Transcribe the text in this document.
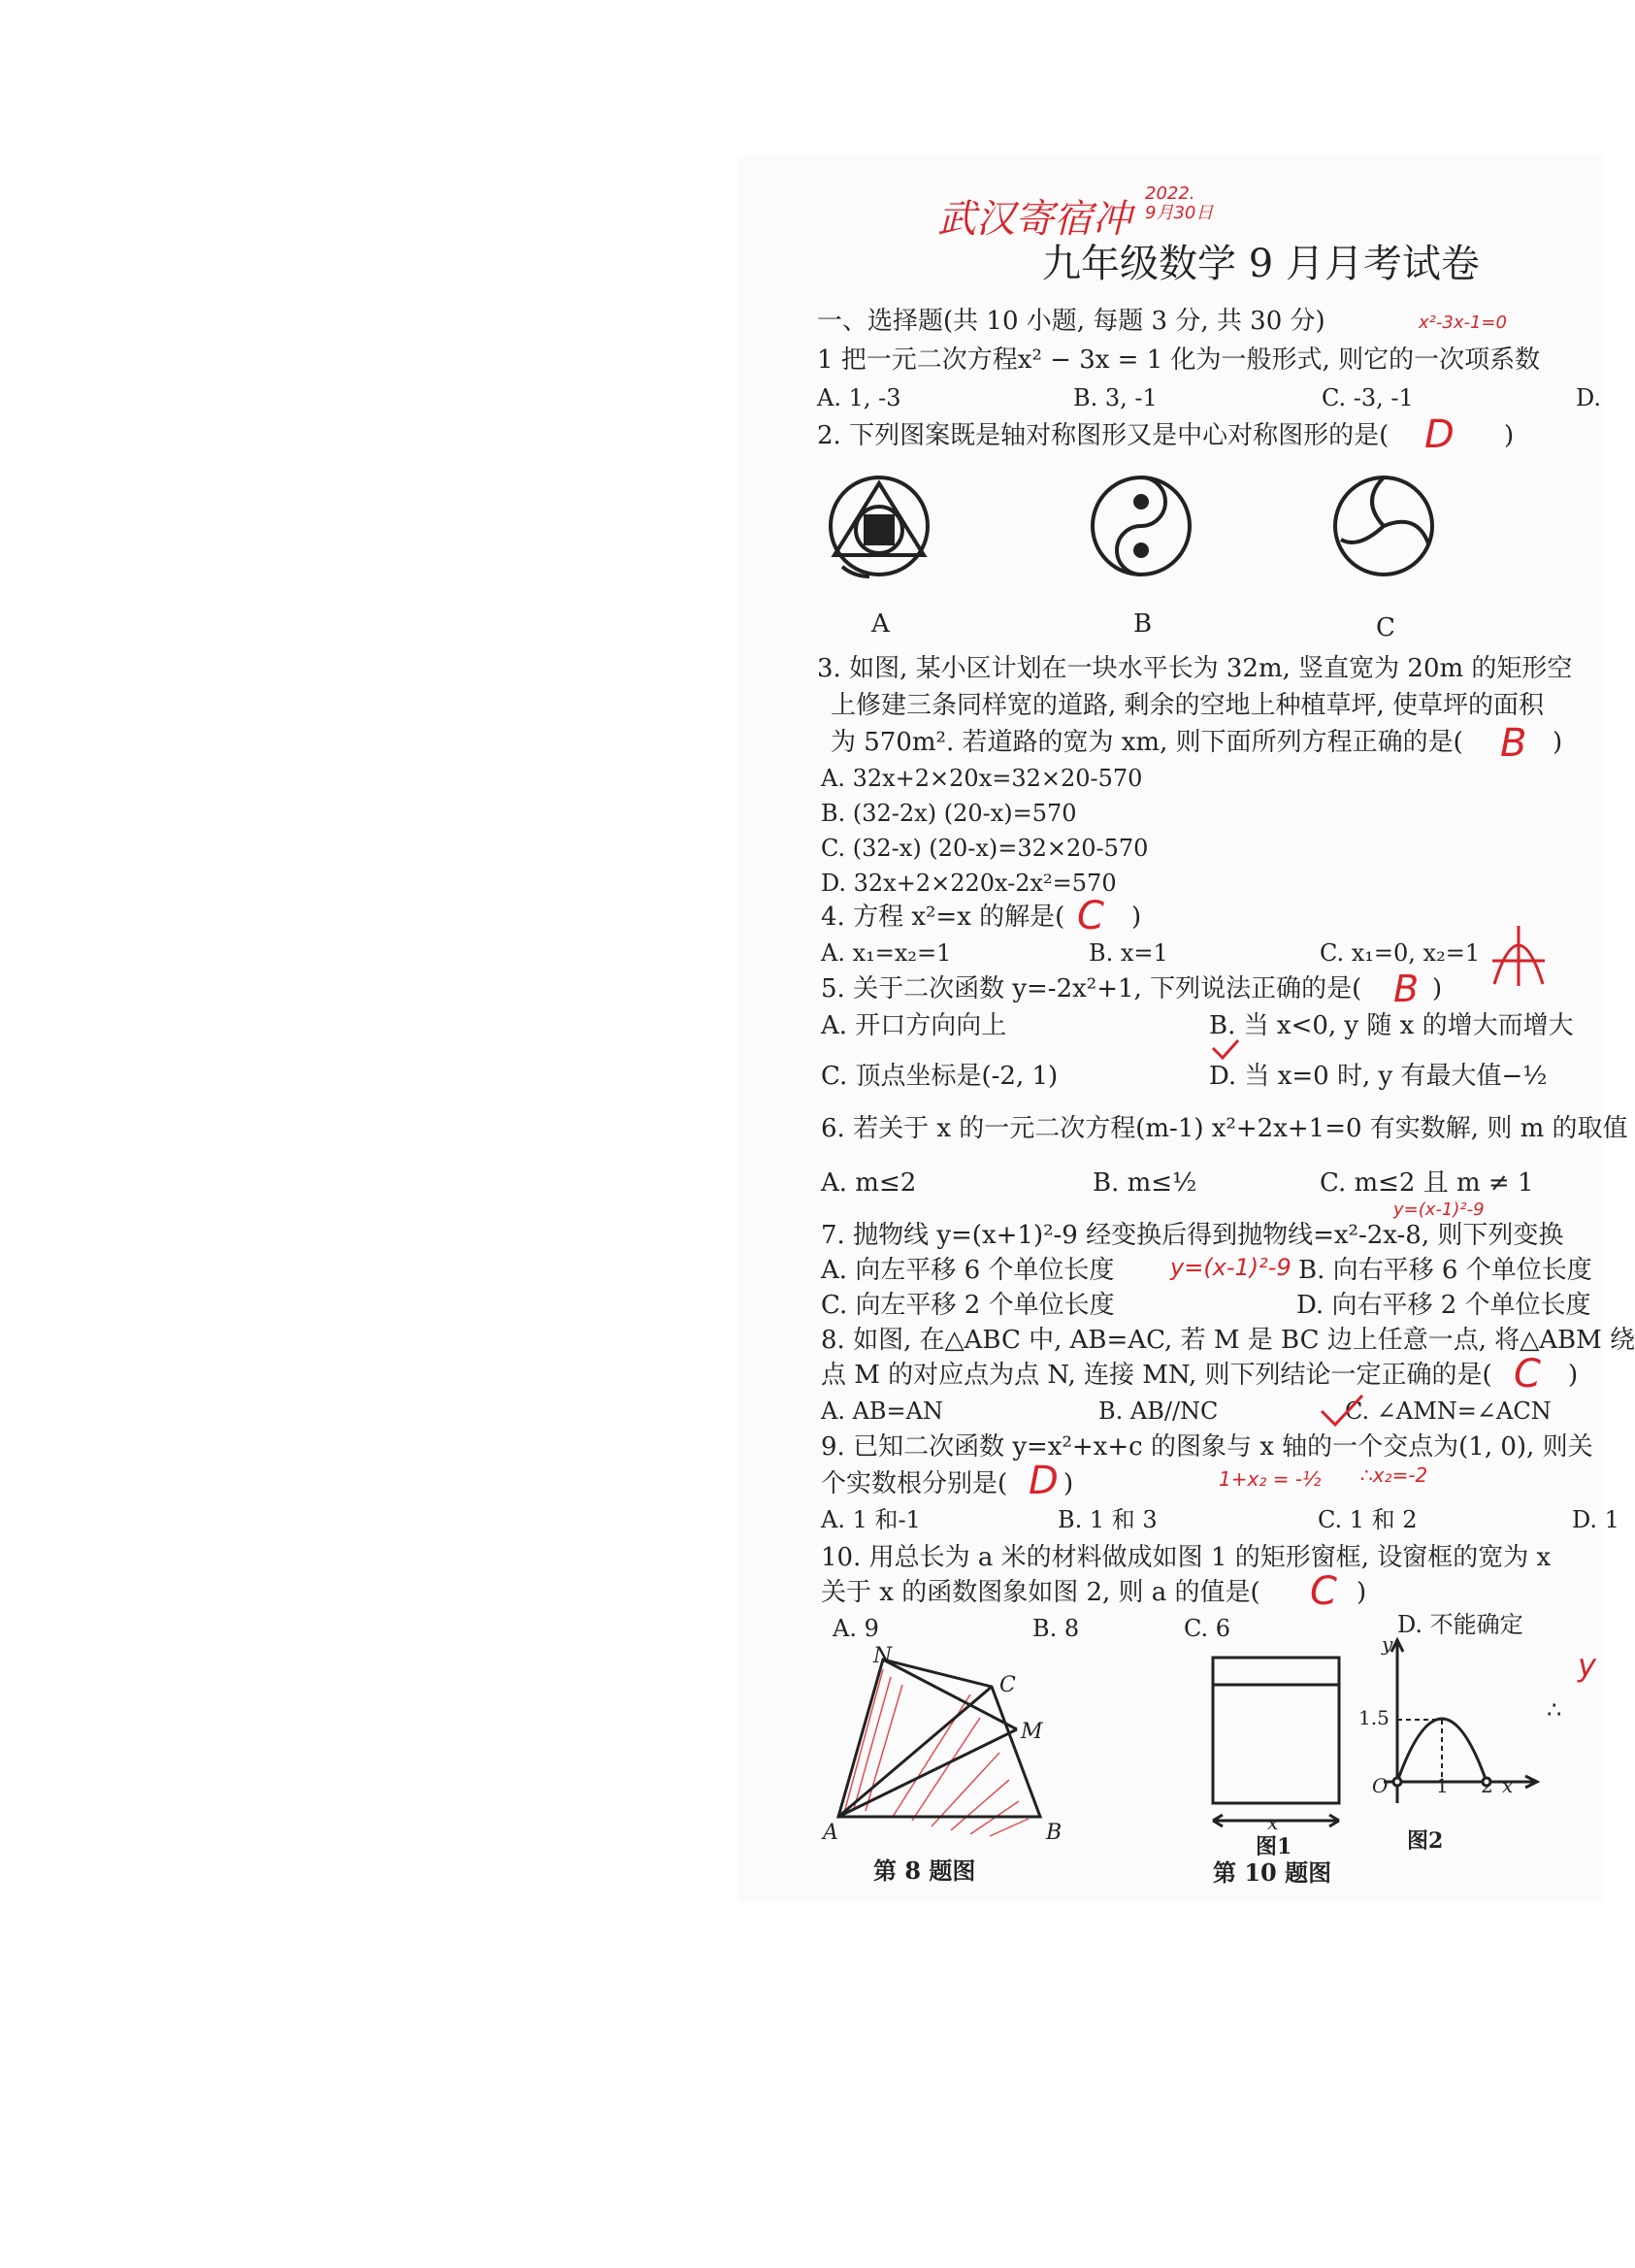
武汉寄宿冲
2022.
9月30日
九年级数学 9 月月考试卷
一、选择题(共 10 小题, 每题 3 分, 共 30 分)	x²-3x-1=0
1 把一元二次方程x² − 3x = 1 化为一般形式, 则它的一次项系数
A. 1, -3	B. 3, -1	C. -3, -1	D.
2. 下列图案既是轴对称图形又是中心对称图形的是( D )
A	B	C
3. 如图, 某小区计划在一块水平长为 32m, 竖直宽为 20m 的矩形空
上修建三条同样宽的道路, 剩余的空地上种植草坪, 使草坪的面积
为 570m². 若道路的宽为 xm, 则下面所列方程正确的是( B )
A. 32x+2×20x=32×20-570
B. (32-2x) (20-x)=570
C. (32-x) (20-x)=32×20-570
D. 32x+2×220x-2x²=570
4. 方程 x²=x 的解是( C )
A. x₁=x₂=1	B. x=1	C. x₁=0, x₂=1
5. 关于二次函数 y=-2x²+1, 下列说法正确的是( B )
A. 开口方向向上	B. 当 x<0, y 随 x 的增大而增大
C. 顶点坐标是(-2, 1)	D. 当 x=0 时, y 有最大值−½
6. 若关于 x 的一元二次方程(m-1) x²+2x+1=0 有实数解, 则 m 的取值
A. m≤2	B. m≤½	C. m≤2 且 m ≠ 1
y=(x-1)²-9
7. 抛物线 y=(x+1)²-9 经变换后得到抛物线=x²-2x-8, 则下列变换
A. 向左平移 6 个单位长度 y=(x-1)²-9 B. 向右平移 6 个单位长度
C. 向左平移 2 个单位长度	D. 向右平移 2 个单位长度
8. 如图, 在△ABC 中, AB=AC, 若 M 是 BC 边上任意一点, 将△ABM 绕
点 M 的对应点为点 N, 连接 MN, 则下列结论一定正确的是( C )
A. AB=AN	B. AB//NC	C. ∠AMN=∠ACN
9. 已知二次函数 y=x²+x+c 的图象与 x 轴的一个交点为(1, 0), 则关
个实数根分别是( D )	1+x₂ = -½ ∴x₂=-2
A. 1 和-1	B. 1 和 3	C. 1 和 2	D. 1
10. 用总长为 a 米的材料做成如图 1 的矩形窗框, 设窗框的宽为 x
关于 x 的函数图象如图 2, 则 a 的值是( C )
A. 9	B. 8	C. 6	D. 不能确定
N
C
M
A	B
第 8 题图
x
图1
y
1.5
O 1 2 x
图2
第 10 题图
y
∴
